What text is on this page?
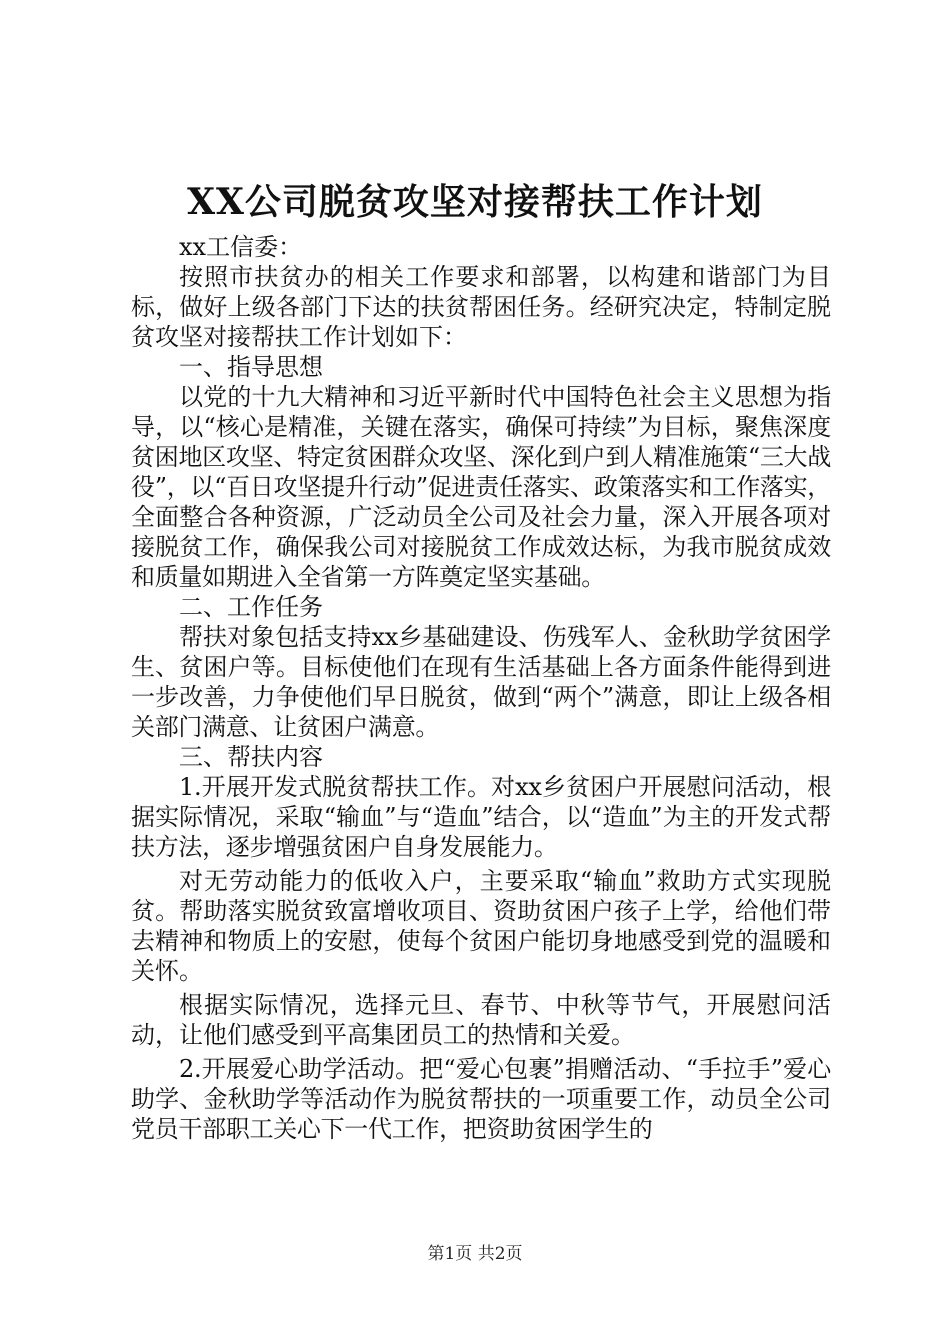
XX公司脱贫攻坚对接帮扶工作计划

xx工信委：

按照市扶贫办的相关工作要求和部署，以构建和谐部门为目标，做好上级各部门下达的扶贫帮困任务。经研究决定，特制定脱贫攻坚对接帮扶工作计划如下：

一、指导思想

以党的十九大精神和习近平新时代中国特色社会主义思想为指导，以“核心是精准，关键在落实，确保可持续”为目标，聚焦深度贫困地区攻坚、特定贫困群众攻坚、深化到户到人精准施策“三大战役”，以“百日攻坚提升行动”促进责任落实、政策落实和工作落实，全面整合各种资源，广泛动员全公司及社会力量，深入开展各项对接脱贫工作，确保我公司对接脱贫工作成效达标，为我市脱贫成效和质量如期进入全省第一方阵奠定坚实基础。

二、工作任务

帮扶对象包括支持xx乡基础建设、伤残军人、金秋助学贫困学生、贫困户等。目标使他们在现有生活基础上各方面条件能得到进一步改善，力争使他们早日脱贫，做到“两个”满意，即让上级各相关部门满意、让贫困户满意。

三、帮扶内容

1.开展开发式脱贫帮扶工作。对xx乡贫困户开展慰问活动，根据实际情况，采取“输血”与“造血”结合，以“造血”为主的开发式帮扶方法，逐步增强贫困户自身发展能力。

对无劳动能力的低收入户，主要采取“输血”救助方式实现脱贫。帮助落实脱贫致富增收项目、资助贫困户孩子上学，给他们带去精神和物质上的安慰，使每个贫困户能切身地感受到党的温暖和关怀。

根据实际情况，选择元旦、春节、中秋等节气，开展慰问活动，让他们感受到平高集团员工的热情和关爱。

2.开展爱心助学活动。把“爱心包裹”捐赠活动、“手拉手”爱心助学、金秋助学等活动作为脱贫帮扶的一项重要工作，动员全公司党员干部职工关心下一代工作，把资助贫困学生的

第1页 共2页
